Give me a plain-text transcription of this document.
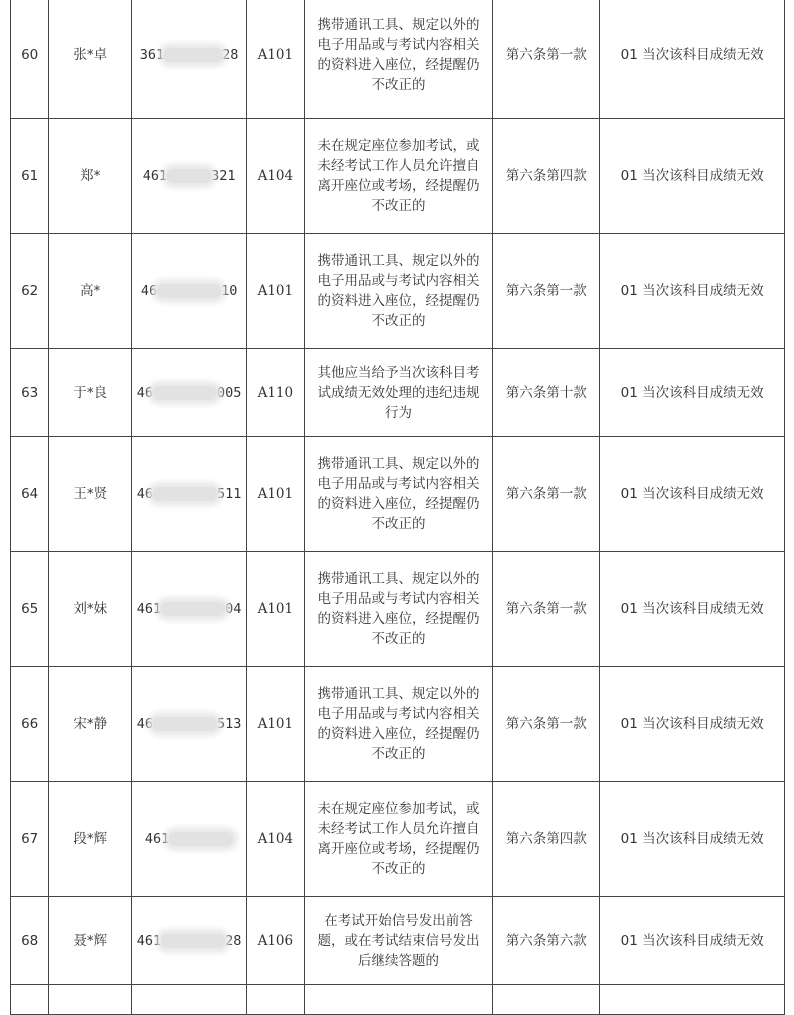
60	张*卓	361 28	A101	携带通讯工具、规定以外的
电子用品或与考试内容相关
的资料进入座位，经提醒仍
不改正的	第六条第一款	01 当次该科目成绩无效
61	郑*	461 321	A104	未在规定座位参加考试，或
未经考试工作人员允许擅自
离开座位或考场，经提醒仍
不改正的	第六条第四款	01 当次该科目成绩无效
62	高*	46 10	A101	携带通讯工具、规定以外的
电子用品或与考试内容相关
的资料进入座位，经提醒仍
不改正的	第六条第一款	01 当次该科目成绩无效
63	于*良	46 005	A110	其他应当给予当次该科目考
试成绩无效处理的违纪违规
行为	第六条第十款	01 当次该科目成绩无效
64	王*贤	46 511	A101	携带通讯工具、规定以外的
电子用品或与考试内容相关
的资料进入座位，经提醒仍
不改正的	第六条第一款	01 当次该科目成绩无效
65	刘*妹	461 04	A101	携带通讯工具、规定以外的
电子用品或与考试内容相关
的资料进入座位，经提醒仍
不改正的	第六条第一款	01 当次该科目成绩无效
66	宋*静	46 513	A101	携带通讯工具、规定以外的
电子用品或与考试内容相关
的资料进入座位，经提醒仍
不改正的	第六条第一款	01 当次该科目成绩无效
67	段*辉	461	A104	未在规定座位参加考试，或
未经考试工作人员允许擅自
离开座位或考场，经提醒仍
不改正的	第六条第四款	01 当次该科目成绩无效
68	聂*辉	461 28	A106	在考试开始信号发出前答
题，或在考试结束信号发出
后继续答题的	第六条第六款	01 当次该科目成绩无效
